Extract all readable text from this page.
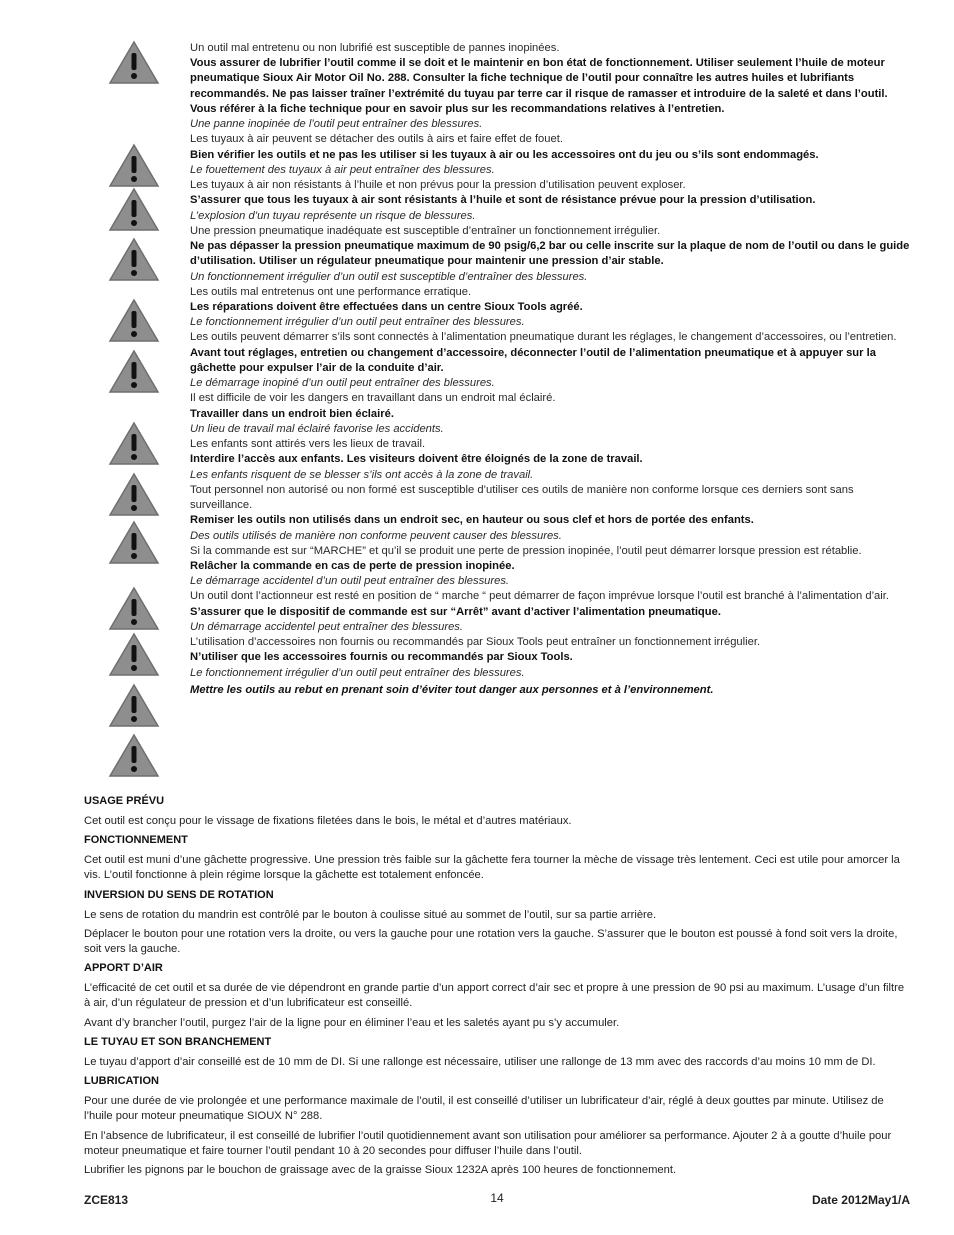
Un outil mal entretenu ou non lubrifié est susceptible de pannes inopinées.

Vous assurer de lubrifier l’outil comme il se doit et le maintenir en bon état de fonctionnement. Utiliser seulement l’huile de moteur pneumatique Sioux Air Motor Oil No. 288. Consulter la fiche technique de l’outil pour connaître les autres huiles et lubrifiants recommandés. Ne pas laisser traîner l’extrémité du tuyau par terre car il risque de ramasser et introduire de la saleté et dans l’outil. Vous référer à la fiche technique pour en savoir plus sur les recommandations relatives à l’entretien.

Une panne inopinée de l’outil peut entraîner des blessures.

Les tuyaux à air peuvent se détacher des outils à airs et faire effet de fouet.

Bien vérifier les outils et ne pas les utiliser si les tuyaux à air ou les accessoires ont du jeu ou s’ils sont endommagés.

Le fouettement des tuyaux à air peut entraîner des blessures.

Les tuyaux à air non résistants à l’huile et non prévus pour la pression d’utilisation peuvent exploser.

S’assurer que tous les tuyaux à air sont résistants à l’huile et sont de résistance prévue pour la pression d’utilisation.

L’explosion d’un tuyau représente un risque de blessures.

Une pression pneumatique inadéquate est susceptible d’entraîner un fonctionnement irrégulier.

Ne pas dépasser la pression pneumatique maximum de 90 psig/6,2 bar ou celle inscrite sur la plaque de nom de l’outil ou dans le guide d’utilisation. Utiliser un régulateur pneumatique pour maintenir une pression d’air stable.

Un fonctionnement irrégulier d’un outil est susceptible d’entraîner des blessures.

Les outils mal entretenus ont une performance erratique.

Les réparations doivent être effectuées dans un centre Sioux Tools agréé.

Le fonctionnement irrégulier d’un outil peut entraîner des blessures.

Les outils peuvent démarrer s’ils sont connectés à l’alimentation pneumatique durant les réglages, le changement d’accessoires, ou l’entretien.

Avant tout réglages, entretien ou changement d’accessoire, déconnecter l’outil de l’alimentation pneumatique et à appuyer sur la gâchette pour expulser l’air de la conduite d’air.

Le démarrage inopiné d’un outil peut entraîner des blessures.

Il est difficile de voir les dangers en travaillant dans un endroit mal éclairé.

Travailler dans un endroit bien éclairé.

Un lieu de travail mal éclairé favorise les accidents.

Les enfants sont attirés vers les lieux de travail.

Interdire l’accès aux enfants. Les visiteurs doivent être éloignés de la zone de travail.

Les enfants risquent de se blesser s’ils ont accès à la zone de travail.

Tout personnel non autorisé ou non formé est susceptible d’utiliser ces outils de manière non conforme lorsque ces derniers sont sans surveillance.

Remiser les outils non utilisés dans un endroit sec, en hauteur ou sous clef et hors de portée des enfants.

Des outils utilisés de manière non conforme peuvent causer des blessures.

Si la commande est sur “MARCHE” et qu’il se produit une perte de pression inopinée, l’outil peut démarrer lorsque pression est rétablie.

Relâcher la commande en cas de perte de pression inopinée.

Le démarrage accidentel d’un outil peut entraîner des blessures.

Un outil dont l’actionneur est resté en position de “ marche “ peut démarrer de façon imprévue lorsque l’outil est branché à l’alimentation d’air.

S’assurer que le dispositif de commande est sur “Arrêt” avant d’activer l’alimentation pneumatique.

Un démarrage accidentel peut entraîner des blessures.

L’utilisation d’accessoires non fournis ou recommandés par Sioux Tools peut entraîner un fonctionnement irrégulier.

N’utiliser que les accessoires fournis ou recommandés par Sioux Tools.

Le fonctionnement irrégulier d’un outil peut entraîner des blessures.

Mettre les outils au rebut en prenant soin d’éviter tout danger aux personnes et à l’environnement.

USAGE PRÉVU

Cet outil est conçu pour le vissage de fixations filetées dans le bois, le métal et d’autres matériaux.

FONCTIONNEMENT

Cet outil est muni d’une gâchette progressive. Une pression très faible sur la gâchette fera tourner la mèche de vissage très lentement. Ceci est utile pour amorcer la vis. L’outil fonctionne à plein régime lorsque la gâchette est totalement enfoncée.

INVERSION DU SENS DE ROTATION

Le sens de rotation du mandrin est contrôlé par le bouton à coulisse situé au sommet de l’outil, sur sa partie arrière.

Déplacer le bouton pour une rotation vers la droite, ou vers la gauche pour une rotation vers la gauche. S’assurer que le bouton est poussé à fond soit vers la droite, soit vers la gauche.

APPORT D’AIR

L’efficacité de cet outil et sa durée de vie dépendront en grande partie d’un apport correct d’air sec et propre à une pression de 90 psi au maximum. L’usage d’un filtre à air, d’un régulateur de pression et d’un lubrificateur est conseillé.

Avant d’y brancher l’outil, purgez l’air de la ligne pour en éliminer l’eau et les saletés ayant pu s’y accumuler.

LE TUYAU ET SON BRANCHEMENT

Le tuyau d’apport d’air conseillé est de 10 mm de DI. Si une rallonge est nécessaire, utiliser une rallonge de 13 mm avec des raccords d’au moins 10 mm de DI.

LUBRICATION

Pour une durée de vie prolongée et une performance maximale de l’outil, il est conseillé d’utiliser un lubrificateur d’air, réglé à deux gouttes par minute. Utilisez de l’huile pour moteur pneumatique SIOUX N° 288.

En l’absence de lubrificateur, il est conseillé de lubrifier l’outil quotidiennement avant son utilisation pour améliorer sa performance. Ajouter 2 à a goutte d’huile pour moteur pneumatique et faire tourner l’outil pendant 10 à 20 secondes pour diffuser l’huile dans l’outil.

Lubrifier les pignons par le bouchon de graissage avec de la graisse Sioux 1232A après 100 heures de fonctionnement.

ZCE813	14	Date 2012May1/A
